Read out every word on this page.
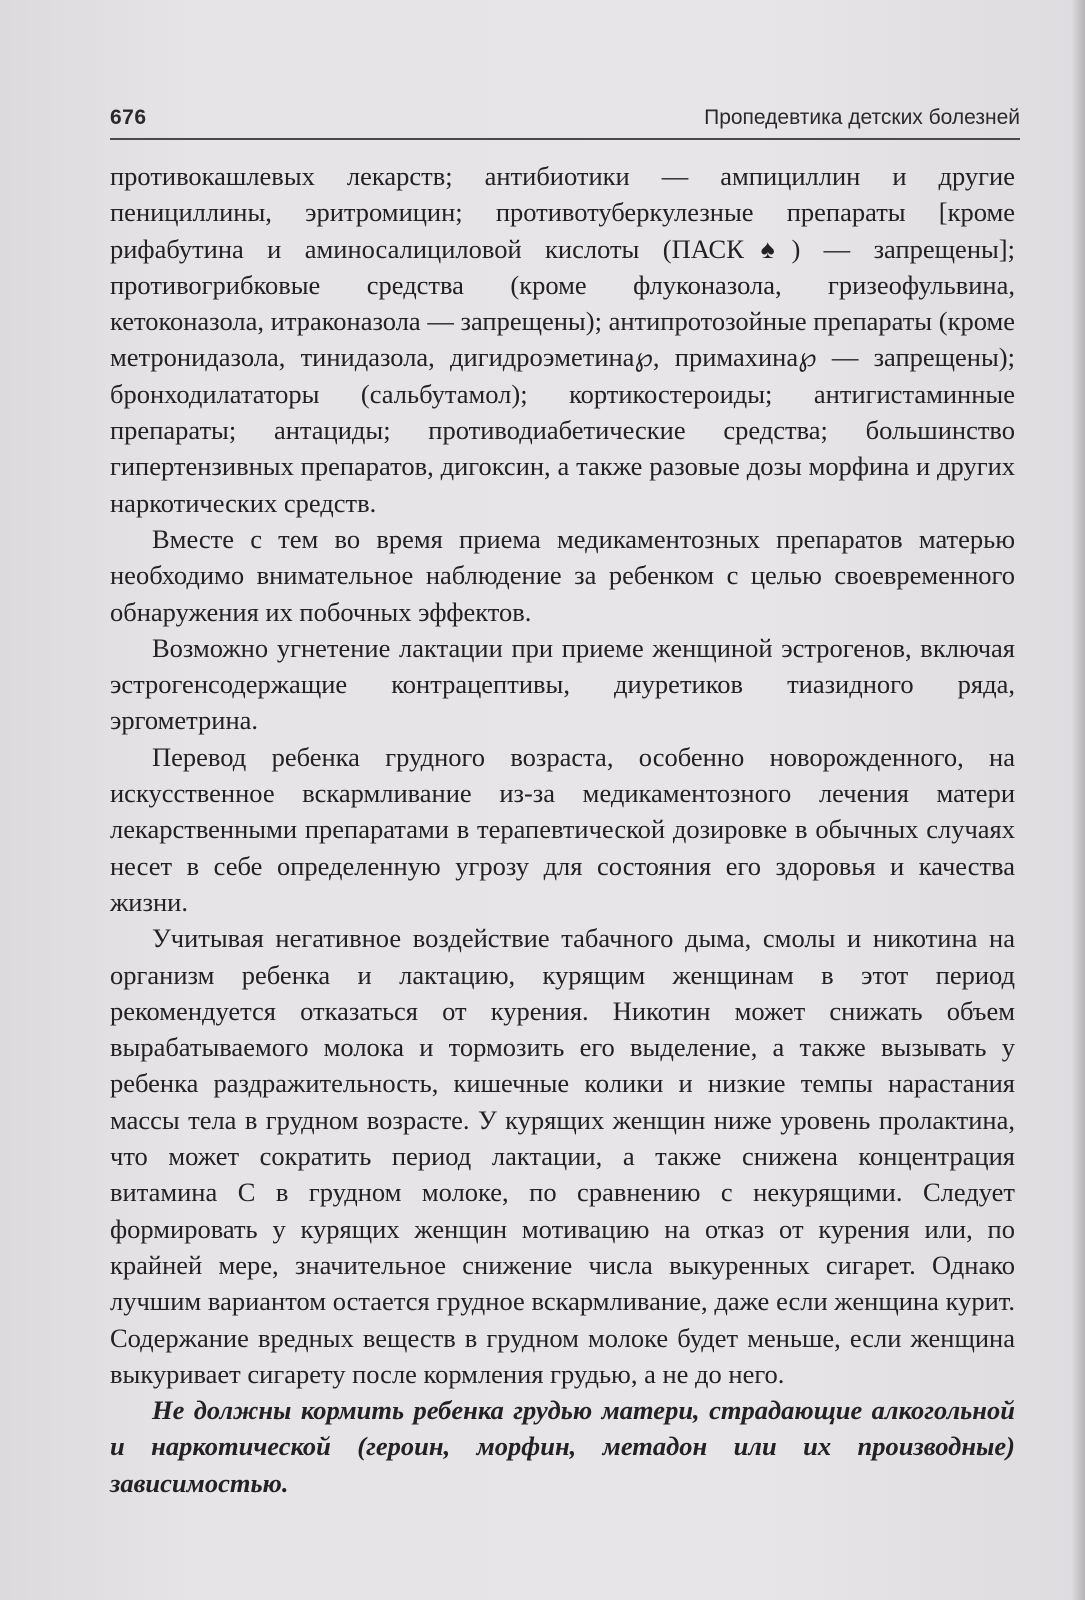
676	Пропедевтика детских болезней

противокашлевых лекарств; антибиотики — ампициллин и другие пенициллины, эритромицин; противотуберкулезные препараты [кроме рифабутина и аминосалициловой кислоты (ПАСК♠) — запрещены]; противогрибковые средства (кроме флуконазола, гризеофульвина, кетоконазола, итраконазола — запрещены); антипротозойные препараты (кроме метронидазола, тинидазола, дигидроэметина℘, примахина℘ — запрещены); бронходилататоры (сальбутамол); кортикостероиды; антигистаминные препараты; антациды; противодиабетические средства; большинство гипертензивных препаратов, дигоксин, а также разовые дозы морфина и других наркотических средств.

Вместе с тем во время приема медикаментозных препаратов матерью необходимо внимательное наблюдение за ребенком с целью своевременного обнаружения их побочных эффектов.

Возможно угнетение лактации при приеме женщиной эстрогенов, включая эстрогенсодержащие контрацептивы, диуретиков тиазидного ряда, эргометрина.

Перевод ребенка грудного возраста, особенно новорожденного, на искусственное вскармливание из-за медикаментозного лечения матери лекарственными препаратами в терапевтической дозировке в обычных случаях несет в себе определенную угрозу для состояния его здоровья и качества жизни.

Учитывая негативное воздействие табачного дыма, смолы и никотина на организм ребенка и лактацию, курящим женщинам в этот период рекомендуется отказаться от курения. Никотин может снижать объем вырабатываемого молока и тормозить его выделение, а также вызывать у ребенка раздражительность, кишечные колики и низкие темпы нарастания массы тела в грудном возрасте. У курящих женщин ниже уровень пролактина, что может сократить период лактации, а также снижена концентрация витамина С в грудном молоке, по сравнению с некурящими. Следует формировать у курящих женщин мотивацию на отказ от курения или, по крайней мере, значительное снижение числа выкуренных сигарет. Однако лучшим вариантом остается грудное вскармливание, даже если женщина курит. Содержание вредных веществ в грудном молоке будет меньше, если женщина выкуривает сигарету после кормления грудью, а не до него.

Не должны кормить ребенка грудью матери, страдающие алкогольной и наркотической (героин, морфин, метадон или их производные) зависимостью.
